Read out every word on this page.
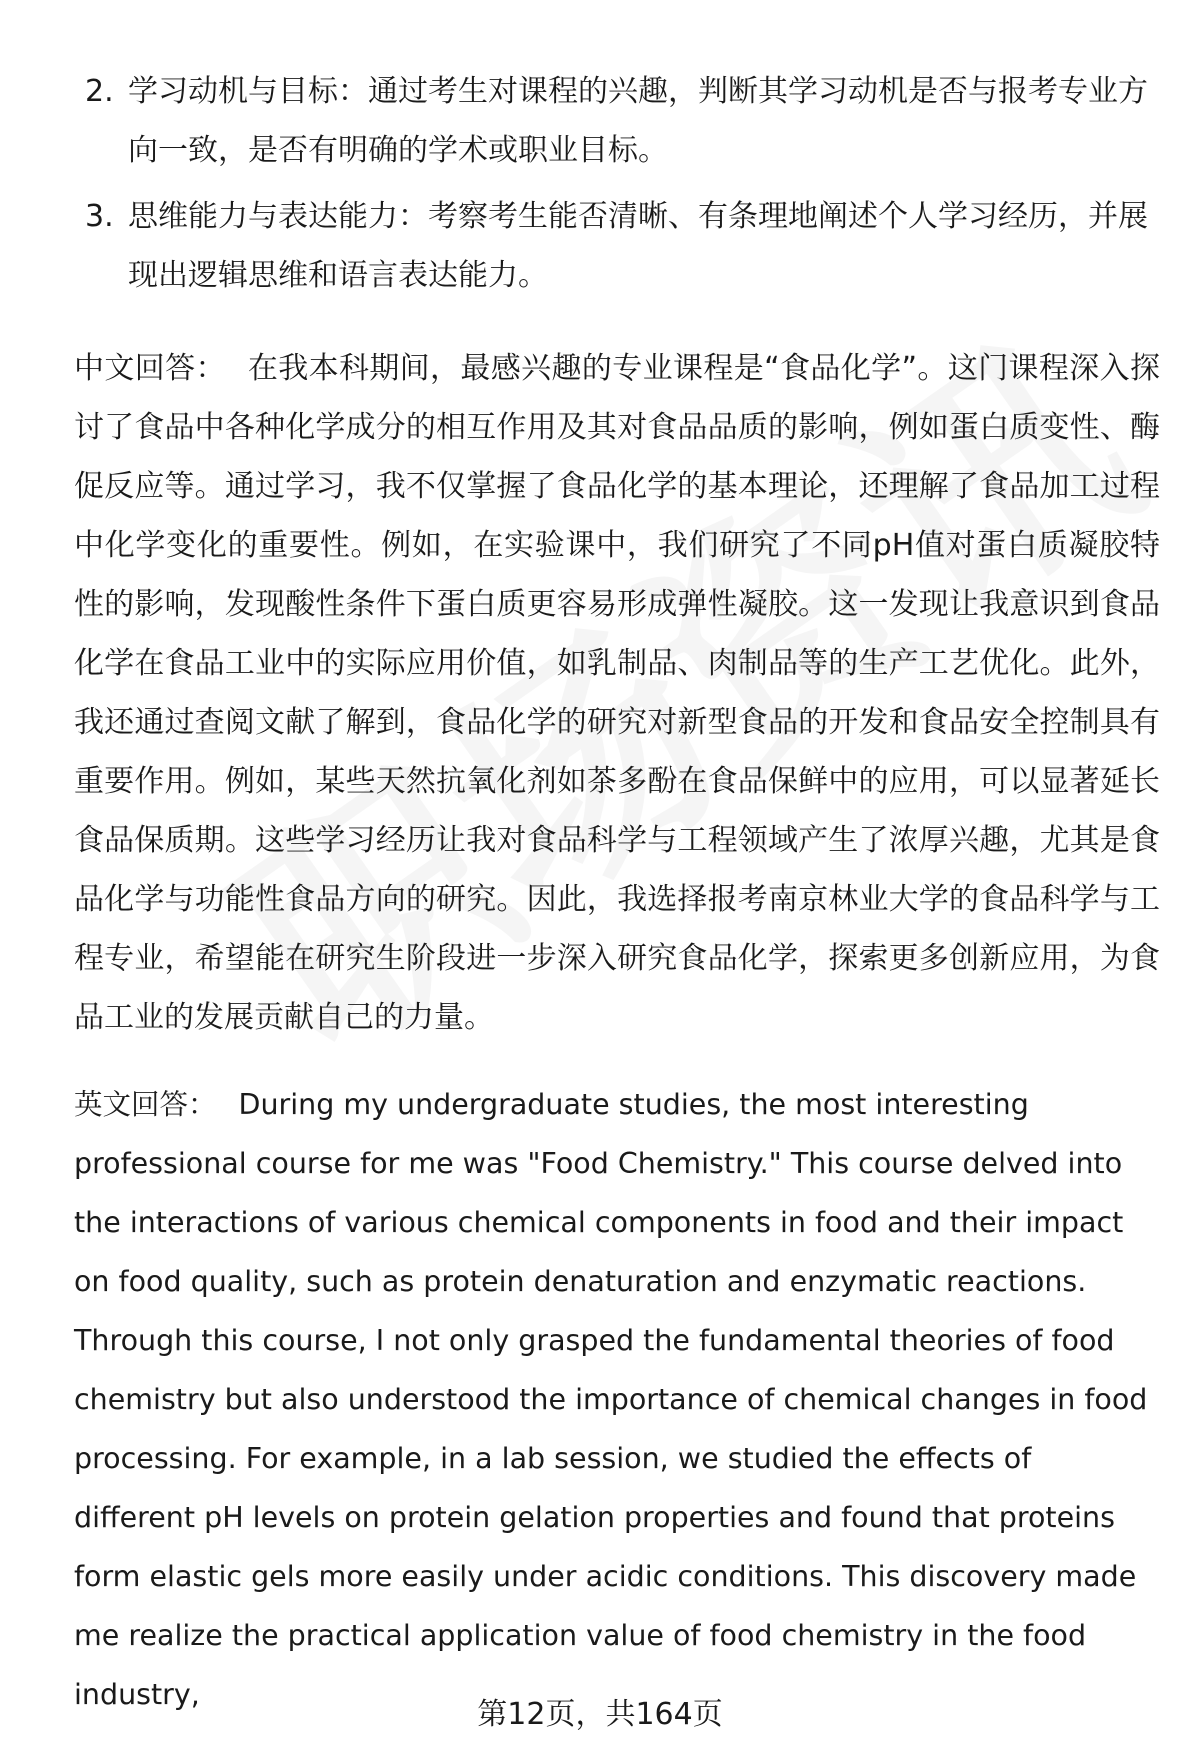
2. 学习动机与目标：通过考生对课程的兴趣，判断其学习动机是否与报考专业方向一致，是否有明确的学术或职业目标。
3. 思维能力与表达能力：考察考生能否清晰、有条理地阐述个人学习经历，并展现出逻辑思维和语言表达能力。

中文回答： 在我本科期间，最感兴趣的专业课程是“食品化学”。这门课程深入探讨了食品中各种化学成分的相互作用及其对食品品质的影响，例如蛋白质变性、酶促反应等。通过学习，我不仅掌握了食品化学的基本理论，还理解了食品加工过程中化学变化的重要性。例如，在实验课中，我们研究了不同pH值对蛋白质凝胶特性的影响，发现酸性条件下蛋白质更容易形成弹性凝胶。这一发现让我意识到食品化学在食品工业中的实际应用价值，如乳制品、肉制品等的生产工艺优化。此外，我还通过查阅文献了解到，食品化学的研究对新型食品的开发和食品安全控制具有重要作用。例如，某些天然抗氧化剂如茶多酚在食品保鲜中的应用，可以显著延长食品保质期。这些学习经历让我对食品科学与工程领域产生了浓厚兴趣，尤其是食品化学与功能性食品方向的研究。因此，我选择报考南京林业大学的食品科学与工程专业，希望能在研究生阶段进一步深入研究食品化学，探索更多创新应用，为食品工业的发展贡献自己的力量。

英文回答： During my undergraduate studies, the most interesting professional course for me was "Food Chemistry." This course delved into the interactions of various chemical components in food and their impact on food quality, such as protein denaturation and enzymatic reactions. Through this course, I not only grasped the fundamental theories of food chemistry but also understood the importance of chemical changes in food processing. For example, in a lab session, we studied the effects of different pH levels on protein gelation properties and found that proteins form elastic gels more easily under acidic conditions. This discovery made me realize the practical application value of food chemistry in the food industry,

第12页，共164页
